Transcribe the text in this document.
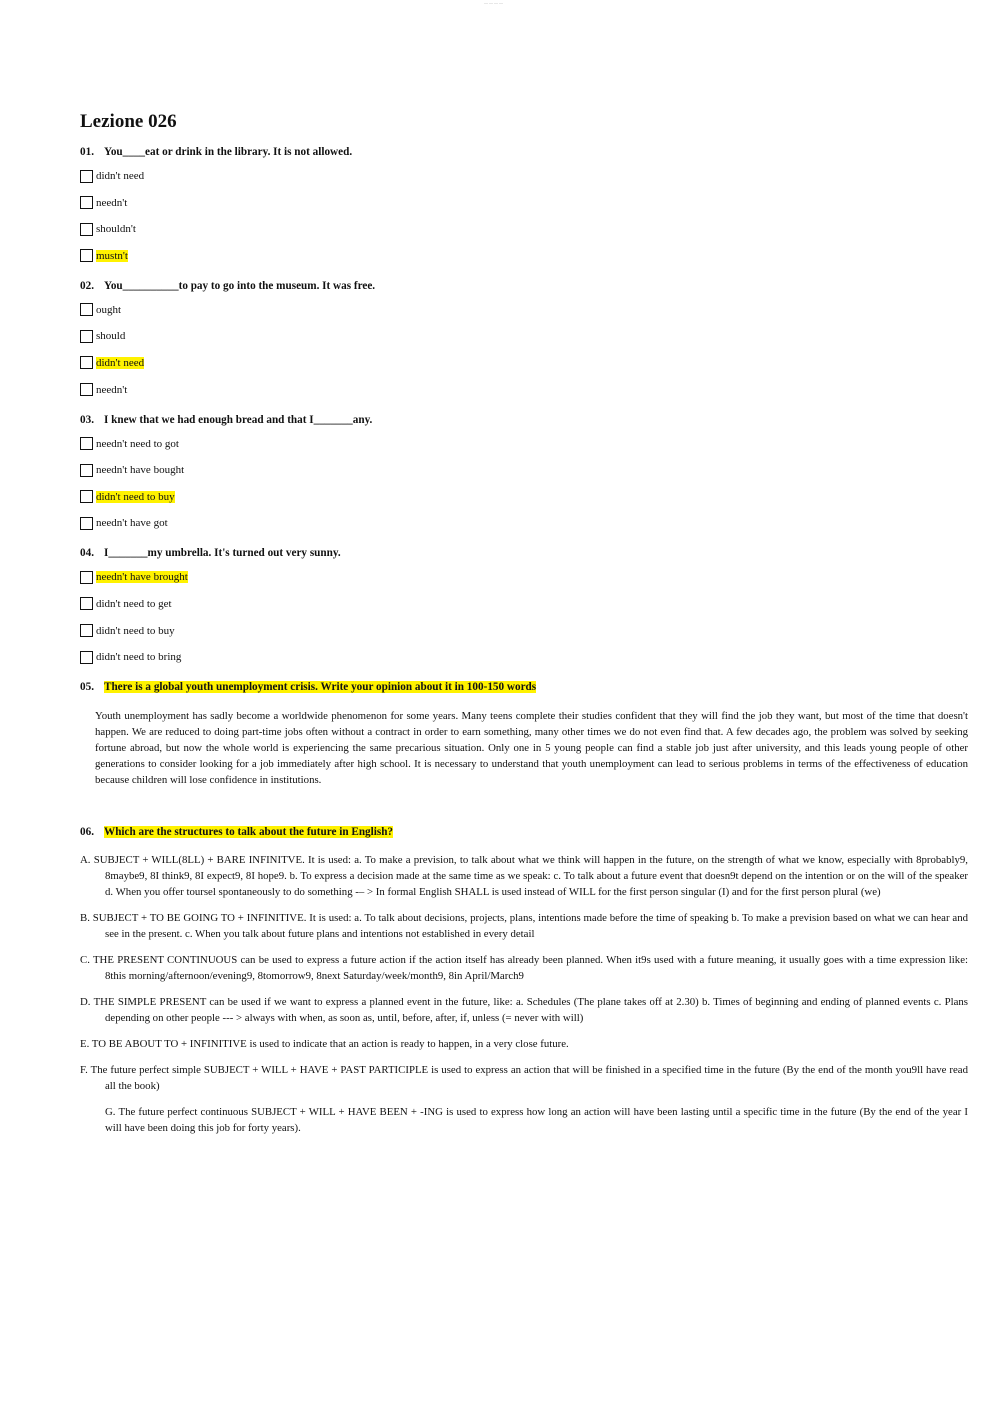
— — — —
Lezione 026

01. You____eat or drink in the library. It is not allowed.

didn't need
needn't
shouldn't
mustn't

02. You__________to pay to go into the museum. It was free.

ought
should
didn't need
needn't

03. I knew that we had enough bread and that I_______any.

needn't need to got
needn't have bought
didn't need to buy
needn't have got

04. I_______my umbrella. It's turned out very sunny.

needn't have brought
didn't need to get
didn't need to buy
didn't need to bring

05. There is a global youth unemployment crisis. Write your opinion about it in 100-150 words

Youth unemployment has sadly become a worldwide phenomenon for some years. Many teens complete their studies confident that they will find the job they want, but most of the time that doesn't happen. We are reduced to doing part-time jobs often without a contract in order to earn something, many other times we do not even find that. A few decades ago, the problem was solved by seeking fortune abroad, but now the whole world is experiencing the same precarious situation. Only one in 5 young people can find a stable job just after university, and this leads young people of other generations to consider looking for a job immediately after high school. It is necessary to understand that youth unemployment can lead to serious problems in terms of the effectiveness of education because children will lose confidence in institutions.

06. Which are the structures to talk about the future in English?

A. SUBJECT + WILL(8LL) + BARE INFINITVE. It is used: a. To make a prevision, to talk about what we think will happen in the future, on the strength of what we know, especially with 8probably9, 8maybe9, 8I think9, 8I expect9, 8I hope9. b. To express a decision made at the same time as we speak: c. To talk about a future event that doesn9t depend on the intention or on the will of the speaker d. When you offer toursel spontaneously to do something -– > In formal English SHALL is used instead of WILL for the first person singular (I) and for the first person plural (we)

B. SUBJECT + TO BE GOING TO + INFINITIVE. It is used: a. To talk about decisions, projects, plans, intentions made before the time of speaking b. To make a prevision based on what we can hear and see in the present. c. When you talk about future plans and intentions not established in every detail

C. THE PRESENT CONTINUOUS can be used to express a future action if the action itself has already been planned. When it9s used with a future meaning, it usually goes with a time expression like: 8this morning/afternoon/evening9, 8tomorrow9, 8next Saturday/week/month9, 8in April/March9

D. THE SIMPLE PRESENT can be used if we want to express a planned event in the future, like: a. Schedules (The plane takes off at 2.30) b. Times of beginning and ending of planned events c. Plans depending on other people --- > always with when, as soon as, until, before, after, if, unless (= never with will)

E. TO BE ABOUT TO + INFINITIVE is used to indicate that an action is ready to happen, in a very close future.

F. The future perfect simple SUBJECT + WILL + HAVE + PAST PARTICIPLE is used to express an action that will be finished in a specified time in the future (By the end of the month you9ll have read all the book)

G. The future perfect continuous SUBJECT + WILL + HAVE BEEN + -ING is used to express how long an action will have been lasting until a specific time in the future (By the end of the year I will have been doing this job for forty years).
